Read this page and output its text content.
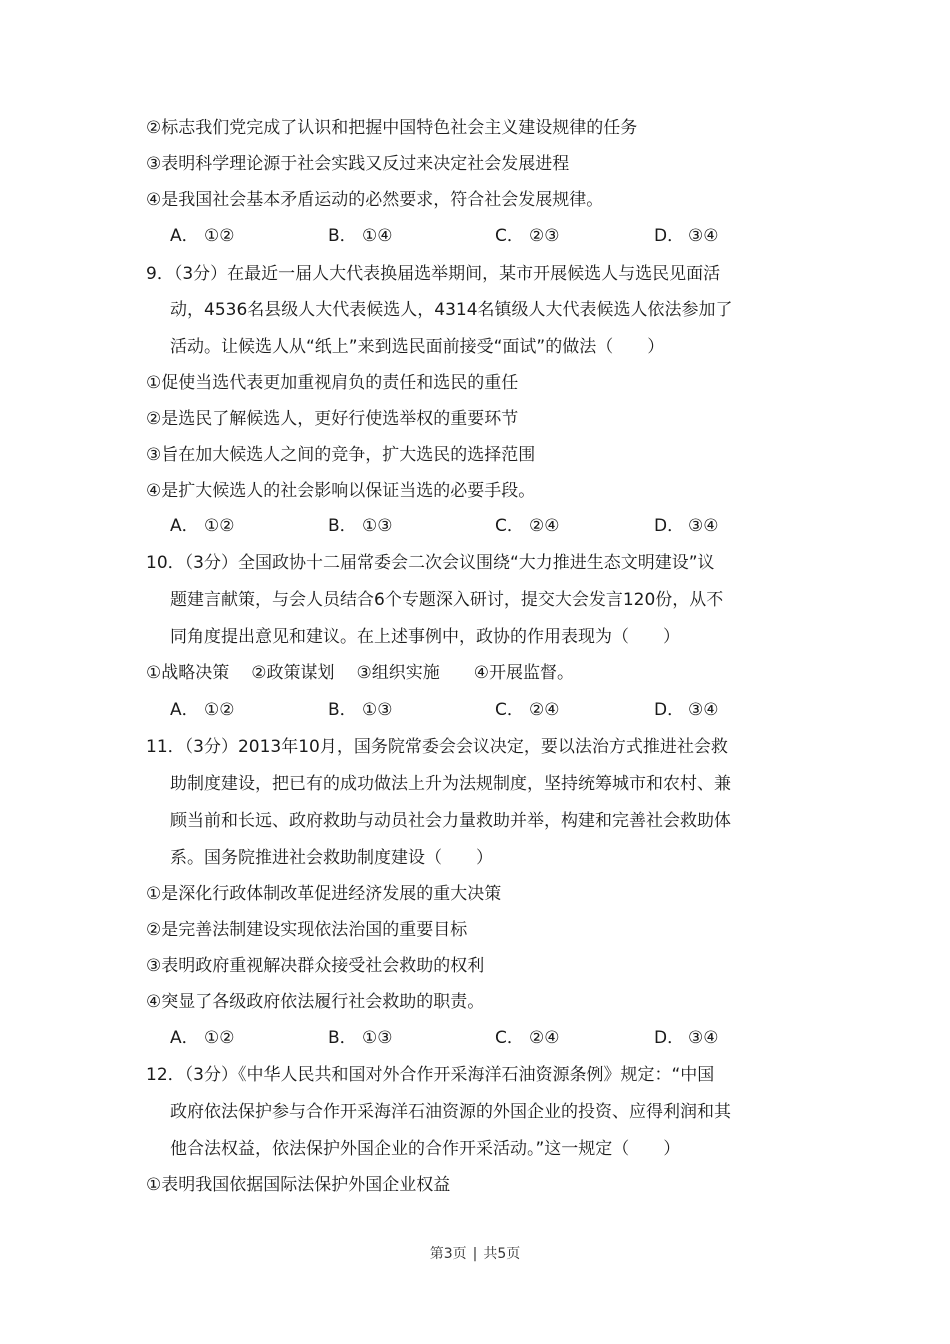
②标志我们党完成了认识和把握中国特色社会主义建设规律的任务
③表明科学理论源于社会实践又反过来决定社会发展进程
④是我国社会基本矛盾运动的必然要求，符合社会发展规律。
A． ①②	B． ①④	C． ②③	D． ③④
9．（3分）在最近一届人大代表换届选举期间，某市开展候选人与选民见面活
动，4536名县级人大代表候选人，4314名镇级人大代表候选人依法参加了
活动。让候选人从“纸上”来到选民面前接受“面试”的做法（　　）
①促使当选代表更加重视肩负的责任和选民的重任
②是选民了解候选人，更好行使选举权的重要环节
③旨在加大候选人之间的竞争，扩大选民的选择范围
④是扩大候选人的社会影响以保证当选的必要手段。
A． ①②	B． ①③	C． ②④	D． ③④
10．（3分）全国政协十二届常委会二次会议围绕“大力推进生态文明建设”议
题建言献策，与会人员结合6个专题深入研讨，提交大会发言120份，从不
同角度提出意见和建议。在上述事例中，政协的作用表现为（　　）
①战略决策 ②政策谋划 ③组织实施 ④开展监督。
A． ①②	B． ①③	C． ②④	D． ③④
11．（3分）2013年10月，国务院常委会会议决定，要以法治方式推进社会救
助制度建设，把已有的成功做法上升为法规制度，坚持统筹城市和农村、兼
顾当前和长远、政府救助与动员社会力量救助并举，构建和完善社会救助体
系。国务院推进社会救助制度建设（　　）
①是深化行政体制改革促进经济发展的重大决策
②是完善法制建设实现依法治国的重要目标
③表明政府重视解决群众接受社会救助的权利
④突显了各级政府依法履行社会救助的职责。
A． ①②	B． ①③	C． ②④	D． ③④
12．（3分）《中华人民共和国对外合作开采海洋石油资源条例》规定：“中国
政府依法保护参与合作开采海洋石油资源的外国企业的投资、应得利润和其
他合法权益，依法保护外国企业的合作开采活动。”这一规定（　　）
①表明我国依据国际法保护外国企业权益
第3页 | 共5页
